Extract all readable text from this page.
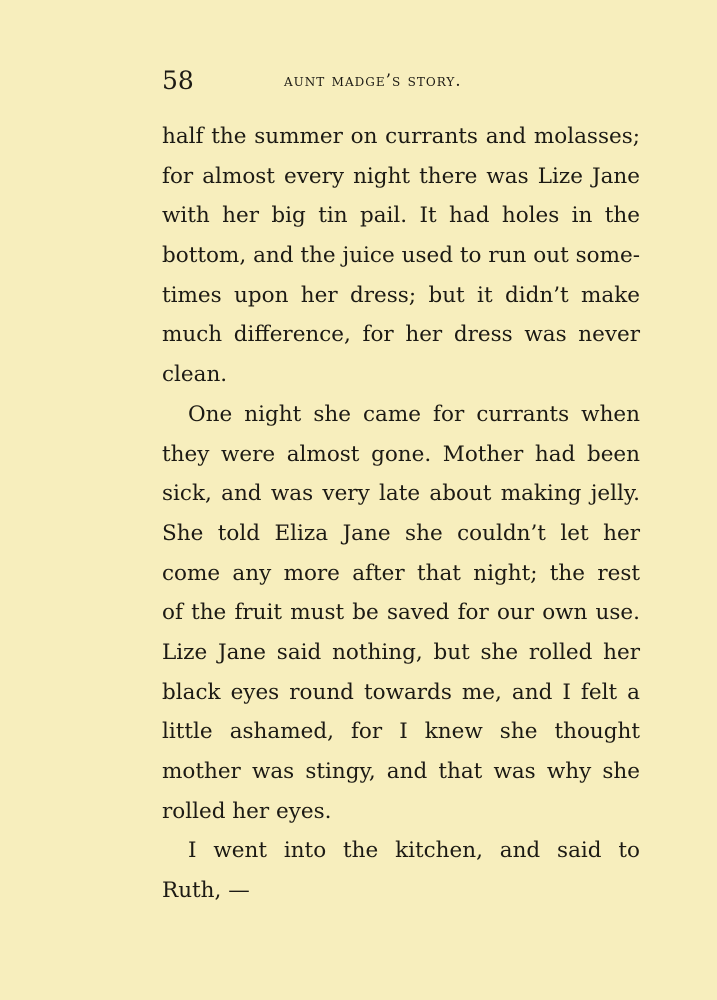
58	aunt madge’s story.
half the summer on currants and molasses;
for almost every night there was Lize Jane
with her big tin pail. It had holes in the
bottom, and the juice used to run out some-
times upon her dress; but it didn’t make
much difference, for her dress was never
clean.
One night she came for currants when
they were almost gone. Mother had been
sick, and was very late about making jelly.
She told Eliza Jane she couldn’t let her
come any more after that night; the rest
of the fruit must be saved for our own use.
Lize Jane said nothing, but she rolled her
black eyes round towards me, and I felt a
little ashamed, for I knew she thought
mother was stingy, and that was why she
rolled her eyes.
I went into the kitchen, and said to
Ruth, —
